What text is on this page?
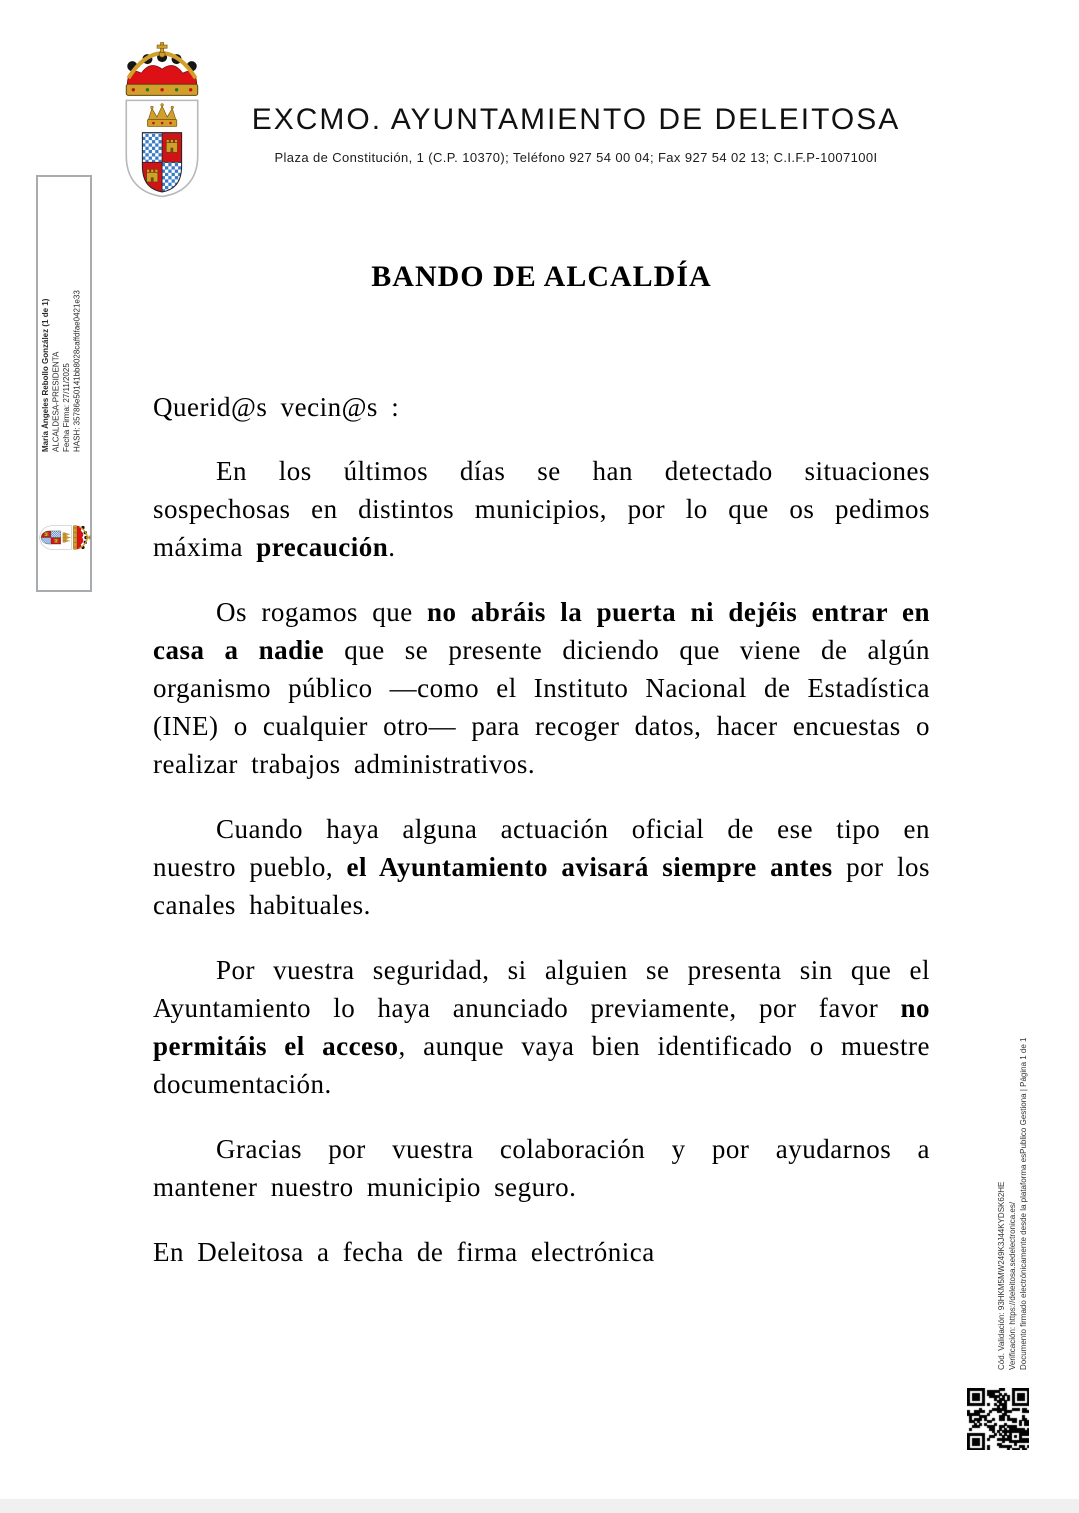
EXCMO. AYUNTAMIENTO DE DELEITOSA
Plaza de Constitución, 1 (C.P. 10370); Teléfono 927 54 00 04; Fax 927 54 02 13; C.I.F.P-1007100I
María Ángeles Rebollo González (1 de 1) ALCALDESA-PRESIDENTA Fecha Firma: 27/11/2025 HASH: 35786e50141bb8028caffdfae0421e33
BANDO DE ALCALDÍA

Querid@s vecin@s :

En los últimos días se han detectado situaciones sospechosas en distintos municipios, por lo que os pedimos máxima precaución.

Os rogamos que no abráis la puerta ni dejéis entrar en casa a nadie que se presente diciendo que viene de algún organismo público —como el Instituto Nacional de Estadística (INE) o cualquier otro— para recoger datos, hacer encuestas o realizar trabajos administrativos.

Cuando haya alguna actuación oficial de ese tipo en nuestro pueblo, el Ayuntamiento avisará siempre antes por los canales habituales.

Por vuestra seguridad, si alguien se presenta sin que el Ayuntamiento lo haya anunciado previamente, por favor no permitáis el acceso, aunque vaya bien identificado o muestre documentación.

Gracias por vuestra colaboración y por ayudarnos a mantener nuestro municipio seguro.

En Deleitosa a fecha de firma electrónica	Cód. Validación: 93HKM5MW249K3J44KYDSK62HE Verificación: https://deleitosa.sedelectronica.es/ Documento firmado electrónicamente desde la plataforma esPublico Gestiona | Página 1 de 1
